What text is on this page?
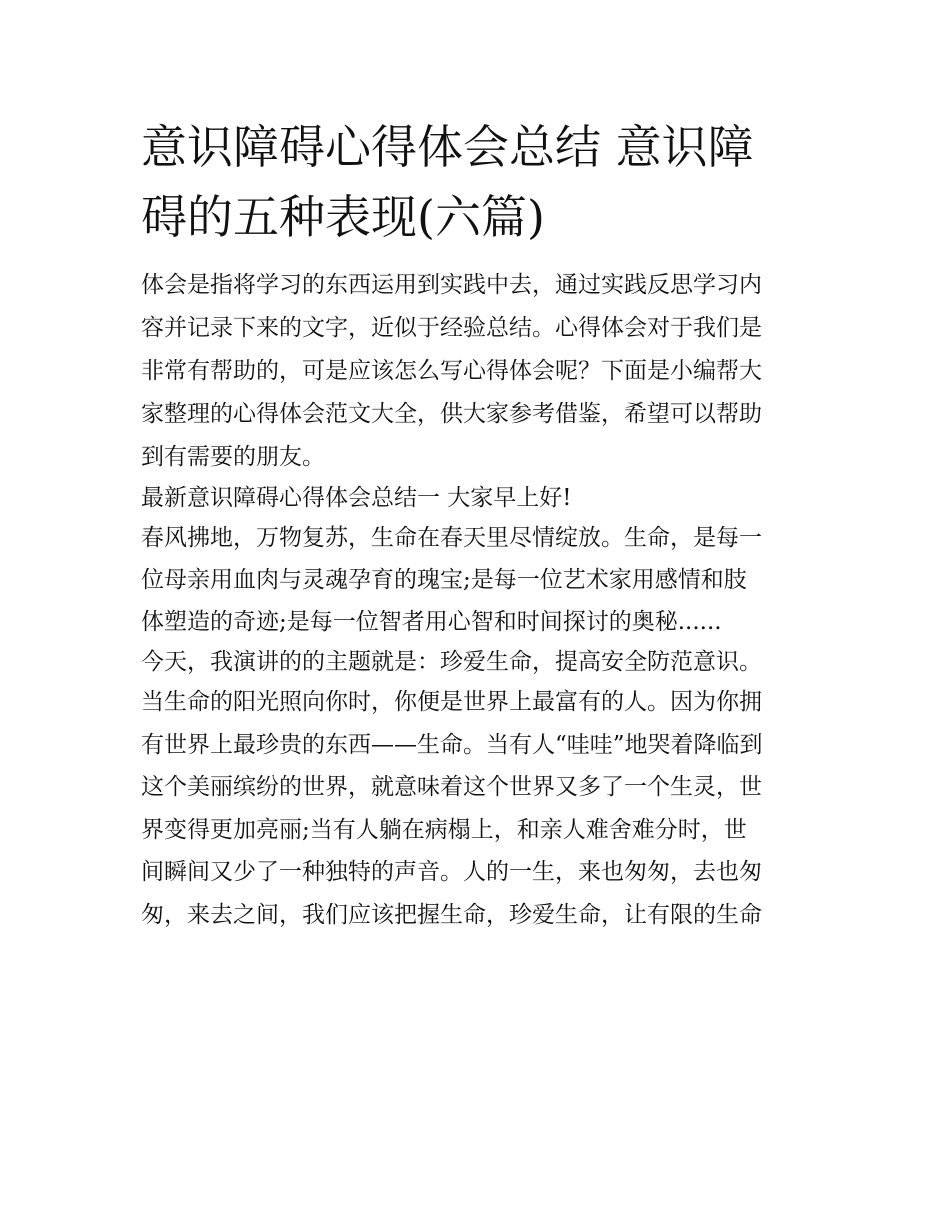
意识障碍心得体会总结 意识障
碍的五种表现(六篇)

体会是指将学习的东西运用到实践中去，通过实践反思学习内
容并记录下来的文字，近似于经验总结。心得体会对于我们是
非常有帮助的，可是应该怎么写心得体会呢？下面是小编帮大
家整理的心得体会范文大全，供大家参考借鉴，希望可以帮助
到有需要的朋友。

最新意识障碍心得体会总结一 大家早上好!

春风拂地，万物复苏，生命在春天里尽情绽放。生命，是每一
位母亲用血肉与灵魂孕育的瑰宝;是每一位艺术家用感情和肢
体塑造的奇迹;是每一位智者用心智和时间探讨的奥秘......

今天，我演讲的的主题就是：珍爱生命，提高安全防范意识。

当生命的阳光照向你时，你便是世界上最富有的人。因为你拥
有世界上最珍贵的东西——生命。当有人“哇哇”地哭着降临到
这个美丽缤纷的世界，就意味着这个世界又多了一个生灵，世
界变得更加亮丽;当有人躺在病榻上，和亲人难舍难分时，世
间瞬间又少了一种独特的声音。人的一生，来也匆匆，去也匆
匆，来去之间，我们应该把握生命，珍爱生命，让有限的生命
